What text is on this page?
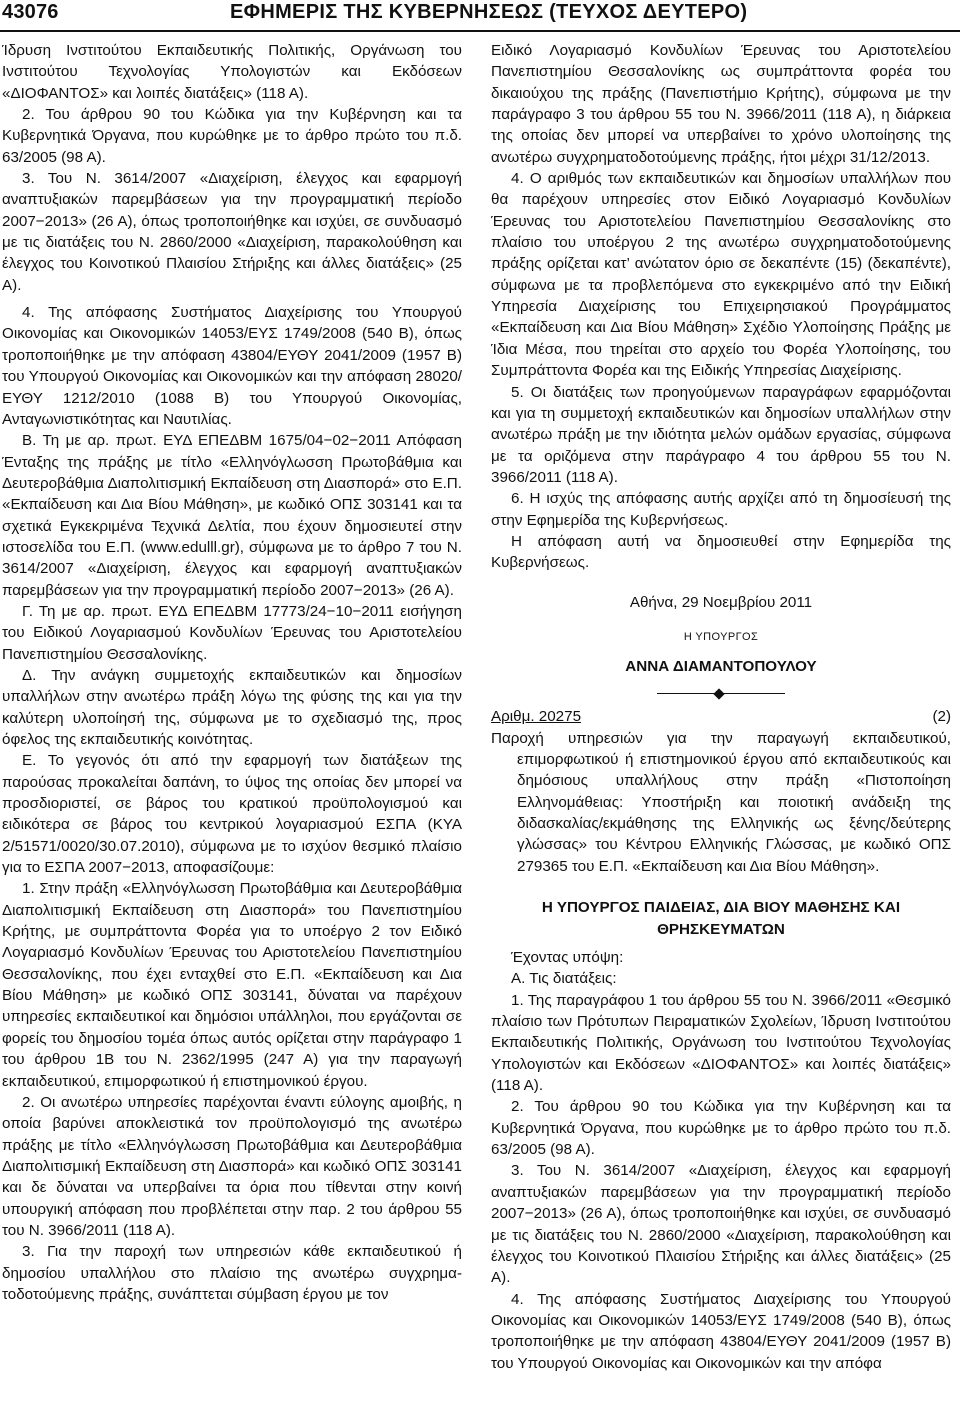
43076	ΕΦΗΜΕΡΙΣ ΤΗΣ ΚΥΒΕΡΝΗΣΕΩΣ (ΤΕΥΧΟΣ ΔΕΥΤΕΡΟ)

Ίδρυση Ινστιτούτου Εκπαιδευτικής Πολιτικής, Οργάνωση του Ινστιτούτου Τεχνολογίας Υπολογιστών και Εκδόσεων «ΔΙΟΦΑΝΤΟΣ» και λοιπές διατάξεις» (118 Α).

2. Του άρθρου 90 του Κώδικα για την Κυβέρνηση και τα Κυβερνητικά Όργανα, που κυρώθηκε με το άρθρο πρώτο του π.δ. 63/2005 (98 Α).

3. Του Ν. 3614/2007 «Διαχείριση, έλεγχος και εφαρμογή αναπτυξιακών παρεμβάσεων για την προγραμματική περίοδο 2007−2013» (26 Α), όπως τροποποιήθηκε και ισχύει, σε συνδυασμό με τις διατάξεις του Ν. 2860/2000 «Διαχείριση, παρακολούθηση και έλεγχος του Κοινοτικού Πλαισίου Στήριξης και άλλες διατάξεις» (25 Α).

4. Της απόφασης Συστήματος Διαχείρισης του Υπουργού Οικονομίας και Οικονομικών 14053/ΕΥΣ 1749/2008 (540 Β), όπως τροποποιήθηκε με την απόφαση 43804/ΕΥΘΥ 2041/2009 (1957 Β) του Υπουργού Οικονομίας και Οικονομικών και την απόφαση 28020/ΕΥΘΥ 1212/2010 (1088 Β) του Υπουργού Οικονομίας, Ανταγωνιστικότητας και Ναυτιλίας.

Β. Τη με αρ. πρωτ. ΕΥΔ ΕΠΕΔΒΜ 1675/04−02−2011 Απόφαση Ένταξης της πράξης με τίτλο «Ελληνόγλωσση Πρωτοβάθμια και Δευτεροβάθμια Διαπολιτισμική Εκπαίδευση στη Διασπορά» στο Ε.Π. «Εκπαίδευση και Δια Βίου Μάθηση», με κωδικό ΟΠΣ 303141 και τα σχετικά Εγκεκριμένα Τεχνικά Δελτία, που έχουν δημοσιευτεί στην ιστοσελίδα του Ε.Π. (www.edulll.gr), σύμφωνα με το άρθρο 7 του Ν. 3614/2007 «Διαχείριση, έλεγχος και εφαρμογή αναπτυξιακών παρεμβάσεων για την προγραμματική περίοδο 2007−2013» (26 Α).

Γ. Τη με αρ. πρωτ. ΕΥΔ ΕΠΕΔΒΜ 17773/24−10−2011 εισήγηση του Ειδικού Λογαριασμού Κονδυλίων Έρευνας του Αριστοτελείου Πανεπιστημίου Θεσσαλονίκης.

Δ. Την ανάγκη συμμετοχής εκπαιδευτικών και δημοσίων υπαλλήλων στην ανωτέρω πράξη λόγω της φύσης της και για την καλύτερη υλοποίησή της, σύμφωνα με το σχεδιασμό της, προς όφελος της εκπαιδευτικής κοινότητας.

Ε. Το γεγονός ότι από την εφαρμογή των διατάξεων της παρούσας προκαλείται δαπάνη, το ύψος της οποίας δεν μπορεί να προσδιοριστεί, σε βάρος του κρατικού προϋπολογισμού και ειδικότερα σε βάρος του κεντρικού λογαριασμού ΕΣΠΑ (ΚΥΑ 2/51571/0020/30.07.2010), σύμφωνα με το ισχύον θεσμικό πλαίσιο για το ΕΣΠΑ 2007−2013, αποφασίζουμε:

1. Στην πράξη «Ελληνόγλωσση Πρωτοβάθμια και Δευτεροβάθμια Διαπολιτισμική Εκπαίδευση στη Διασπορά» του Πανεπιστημίου Κρήτης, με συμπράττοντα Φορέα για το υποέργο 2 τον Ειδικό Λογαριασμό Κονδυλίων Έρευνας του Αριστοτελείου Πανεπιστημίου Θεσσαλονίκης, που έχει ενταχθεί στο Ε.Π. «Εκπαίδευση και Δια Βίου Μάθηση» με κωδικό ΟΠΣ 303141, δύναται να παρέχουν υπηρεσίες εκπαιδευτικοί και δημόσιοι υπάλληλοι, που εργάζονται σε φορείς του δημοσίου τομέα όπως αυτός ορίζεται στην παράγραφο 1 του άρθρου 1Β του Ν. 2362/1995 (247 Α) για την παραγωγή εκπαιδευτικού, επιμορφωτικού ή επιστημονικού έργου.

2. Οι ανωτέρω υπηρεσίες παρέχονται έναντι εύλογης αμοιβής, η οποία βαρύνει αποκλειστικά τον προϋπολογισμό της ανωτέρω πράξης με τίτλο «Ελληνόγλωσση Πρωτοβάθμια και Δευτεροβάθμια Διαπολιτισμική Εκπαίδευση στη Διασπορά» και κωδικό ΟΠΣ 303141 και δε δύναται να υπερβαίνει τα όρια που τίθενται στην κοινή υπουργική απόφαση που προβλέπεται στην παρ. 2 του άρθρου 55 του Ν. 3966/2011 (118 Α).

3. Για την παροχή των υπηρεσιών κάθε εκπαιδευτικού ή δημοσίου υπαλλήλου στο πλαίσιο της ανωτέρω συγχρηματοδοτούμενης πράξης, συνάπτεται σύμβαση έργου με τον

Ειδικό Λογαριασμό Κονδυλίων Έρευνας του Αριστοτελείου Πανεπιστημίου Θεσσαλονίκης ως συμπράττοντα φορέα του δικαιούχου της πράξης (Πανεπιστήμιο Κρήτης), σύμφωνα με την παράγραφο 3 του άρθρου 55 του Ν. 3966/2011 (118 Α), η διάρκεια της οποίας δεν μπορεί να υπερβαίνει το χρόνο υλοποίησης της ανωτέρω συγχρηματοδοτούμενης πράξης, ήτοι μέχρι 31/12/2013.

4. Ο αριθμός των εκπαιδευτικών και δημοσίων υπαλλήλων που θα παρέχουν υπηρεσίες στον Ειδικό Λογαριασμό Κονδυλίων Έρευνας του Αριστοτελείου Πανεπιστημίου Θεσσαλονίκης στο πλαίσιο του υποέργου 2 της ανωτέρω συγχρηματοδοτούμενης πράξης ορίζεται κατ’ ανώτατον όριο σε δεκαπέντε (15) (δεκαπέντε), σύμφωνα με τα προβλεπόμενα στο εγκεκριμένο από την Ειδική Υπηρεσία Διαχείρισης του Επιχειρησιακού Προγράμματος «Εκπαίδευση και Δια Βίου Μάθηση» Σχέδιο Υλοποίησης Πράξης με Ίδια Μέσα, που τηρείται στο αρχείο του Φορέα Υλοποίησης, του Συμπράττοντα Φορέα και της Ειδικής Υπηρεσίας Διαχείρισης.

5. Οι διατάξεις των προηγούμενων παραγράφων εφαρμόζονται και για τη συμμετοχή εκπαιδευτικών και δημοσίων υπαλλήλων στην ανωτέρω πράξη με την ιδιότητα μελών ομάδων εργασίας, σύμφωνα με τα οριζόμενα στην παράγραφο 4 του άρθρου 55 του Ν. 3966/2011 (118 Α).

6. Η ισχύς της απόφασης αυτής αρχίζει από τη δημοσίευσή της στην Εφημερίδα της Κυβερνήσεως.

Η απόφαση αυτή να δημοσιευθεί στην Εφημερίδα της Κυβερνήσεως.

Αθήνα, 29 Νοεμβρίου 2011

Η ΥΠΟΥΡΓΟΣ

ΑΝΝΑ ΔΙΑΜΑΝΤΟΠΟΥΛΟΥ

Αριθμ. 20275	(2)

Παροχή υπηρεσιών για την παραγωγή εκπαιδευτικού, επιμορφωτικού ή επιστημονικού έργου από εκπαιδευτικούς και δημόσιους υπαλλήλους στην πράξη «Πιστοποίηση Ελληνομάθειας: Υποστήριξη και ποιοτική ανάδειξη της διδασκαλίας/εκμάθησης της Ελληνικής ως ξένης/δεύτερης γλώσσας» του Κέντρου Ελληνικής Γλώσσας, με κωδικό ΟΠΣ 279365 του Ε.Π. «Εκπαίδευση και Δια Βίου Μάθηση».

Η ΥΠΟΥΡΓΟΣ ΠΑΙΔΕΙΑΣ, ΔΙΑ ΒΙΟΥ ΜΑΘΗΣΗΣ ΚΑΙ ΘΡΗΣΚΕΥΜΑΤΩΝ

Έχοντας υπόψη:

Α. Τις διατάξεις:

1. Της παραγράφου 1 του άρθρου 55 του Ν. 3966/2011 «Θεσμικό πλαίσιο των Πρότυπων Πειραματικών Σχολείων, Ίδρυση Ινστιτούτου Εκπαιδευτικής Πολιτικής, Οργάνωση του Ινστιτούτου Τεχνολογίας Υπολογιστών και Εκδόσεων «ΔΙΟΦΑΝΤΟΣ» και λοιπές διατάξεις» (118 Α).

2. Του άρθρου 90 του Κώδικα για την Κυβέρνηση και τα Κυβερνητικά Όργανα, που κυρώθηκε με το άρθρο πρώτο του π.δ. 63/2005 (98 Α).

3. Του Ν. 3614/2007 «Διαχείριση, έλεγχος και εφαρμογή αναπτυξιακών παρεμβάσεων για την προγραμματική περίοδο 2007−2013» (26 Α), όπως τροποποιήθηκε και ισχύει, σε συνδυασμό με τις διατάξεις του Ν. 2860/2000 «Διαχείριση, παρακολούθηση και έλεγχος του Κοινοτικού Πλαισίου Στήριξης και άλλες διατάξεις» (25 Α).

4. Της απόφασης Συστήματος Διαχείρισης του Υπουργού Οικονομίας και Οικονομικών 14053/ΕΥΣ 1749/2008 (540 Β), όπως τροποποιήθηκε με την απόφαση 43804/ΕΥΘΥ 2041/2009 (1957 Β) του Υπουργού Οικονομίας και Οικονομικών και την απόφα
